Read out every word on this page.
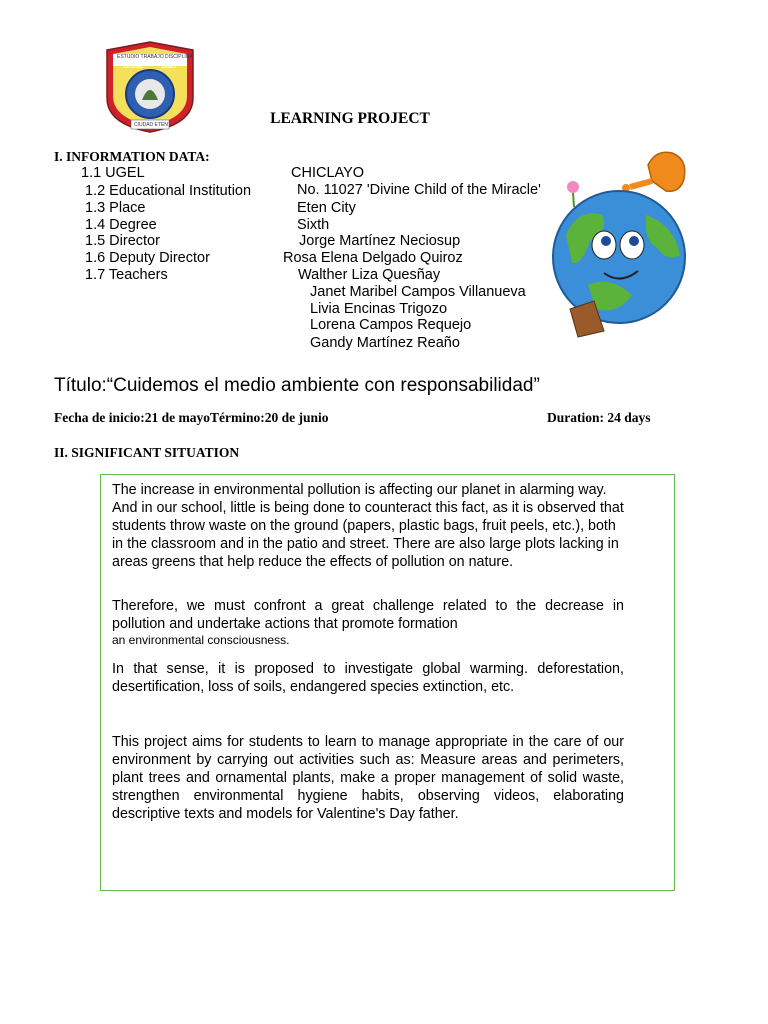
ESTUDIO TRABAJO DISCIPLINA
I.E.P.M.	11027
CIUDAD ETEN	LEARNING PROJECT
I. INFORMATION DATA:
1.1 UGEL	CHICLAYO
1.2 Educational Institution	No. 11027 'Divine Child of the Miracle'
1.3 Place	Eten City
1.4 Degree	Sixth
1.5 Director	Jorge Martínez Neciosup
1.6 Deputy Director	Rosa Elena Delgado Quiroz
1.7 Teachers	Walther Liza Quesñay
Janet Maribel Campos Villanueva
Livia Encinas Trigozo
Lorena Campos Requejo
Gandy Martínez Reaño
Título:“Cuidemos el medio ambiente con responsabilidad”
Fecha de inicio:21 de mayoTérmino:20 de junio	Duration: 24 days
II. SIGNIFICANT SITUATION
The increase in environmental pollution is affecting our planet in alarming way. And in our school, little is being done to counteract this fact, as it is observed that students throw waste on the ground (papers, plastic bags, fruit peels, etc.), both in the classroom and in the patio and street. There are also large plots lacking in areas greens that help reduce the effects of pollution on nature.
Therefore, we must confront a great challenge related to the decrease in pollution and undertake actions that promote formation
an environmental consciousness.
In that sense, it is proposed to investigate global warming. deforestation, desertification, loss of soils, endangered species extinction, etc.
This project aims for students to learn to manage appropriate in the care of our environment by carrying out activities such as: Measure areas and perimeters, plant trees and ornamental plants, make a proper management of solid waste, strengthen environmental hygiene habits, observing videos, elaborating descriptive texts and models for Valentine's Day father.
